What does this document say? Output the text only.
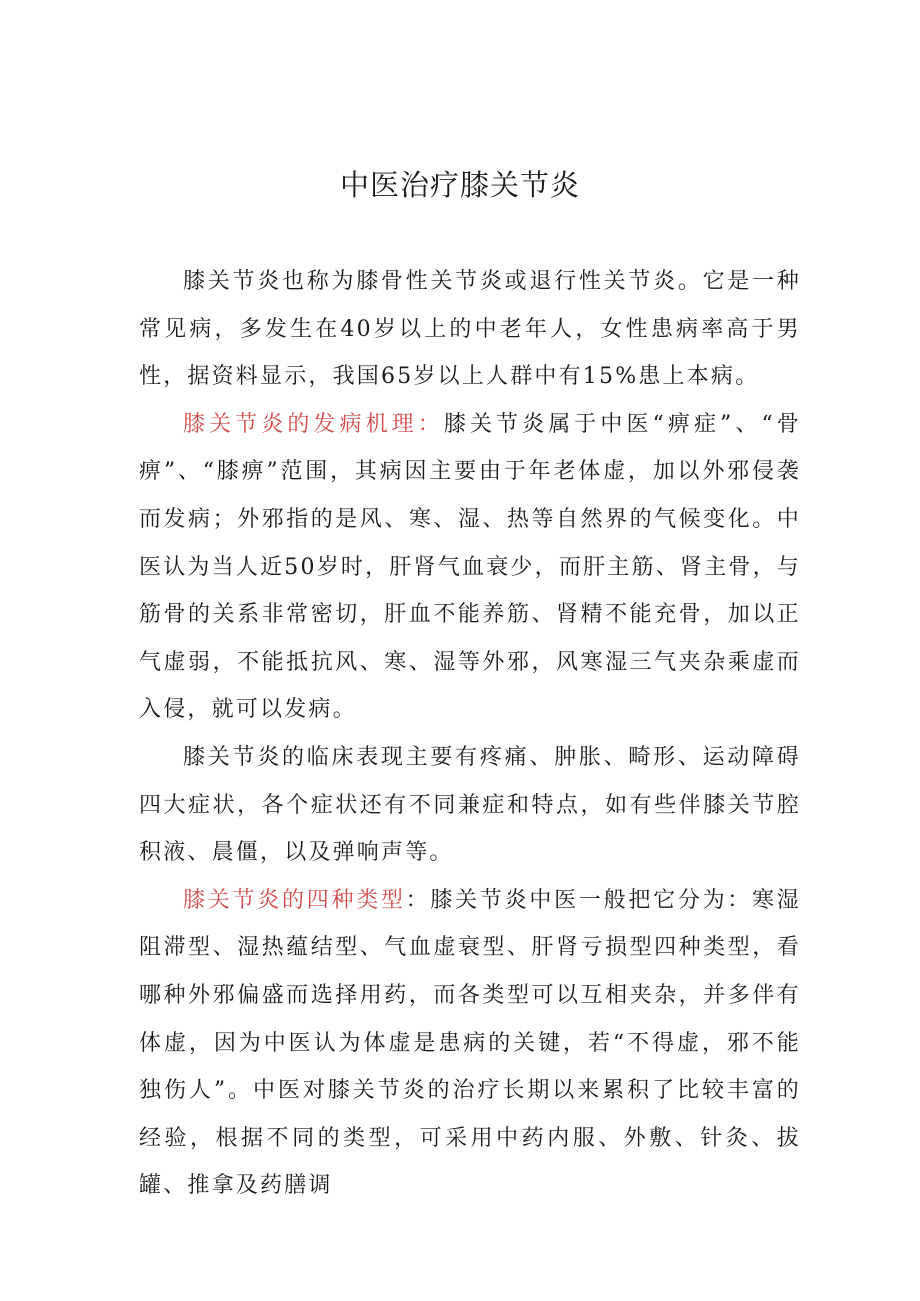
中医治疗膝关节炎

膝关节炎也称为膝骨性关节炎或退行性关节炎。它是一种常见病，多发生在40岁以上的中老年人，女性患病率高于男性，据资料显示，我国65岁以上人群中有15%患上本病。

膝关节炎的发病机理：膝关节炎属于中医“痹症”、“骨痹”、“膝痹”范围，其病因主要由于年老体虚，加以外邪侵袭而发病；外邪指的是风、寒、湿、热等自然界的气候变化。中医认为当人近50岁时，肝肾气血衰少，而肝主筋、肾主骨，与筋骨的关系非常密切，肝血不能养筋、肾精不能充骨，加以正气虚弱，不能抵抗风、寒、湿等外邪，风寒湿三气夹杂乘虚而入侵，就可以发病。

膝关节炎的临床表现主要有疼痛、肿胀、畸形、运动障碍四大症状，各个症状还有不同兼症和特点，如有些伴膝关节腔积液、晨僵，以及弹响声等。

膝关节炎的四种类型：膝关节炎中医一般把它分为：寒湿阻滞型、湿热蕴结型、气血虚衰型、肝肾亏损型四种类型，看哪种外邪偏盛而选择用药，而各类型可以互相夹杂，并多伴有体虚，因为中医认为体虚是患病的关键，若“不得虚，邪不能独伤人”。中医对膝关节炎的治疗长期以来累积了比较丰富的经验，根据不同的类型，可采用中药内服、外敷、针灸、拔罐、推拿及药膳调
